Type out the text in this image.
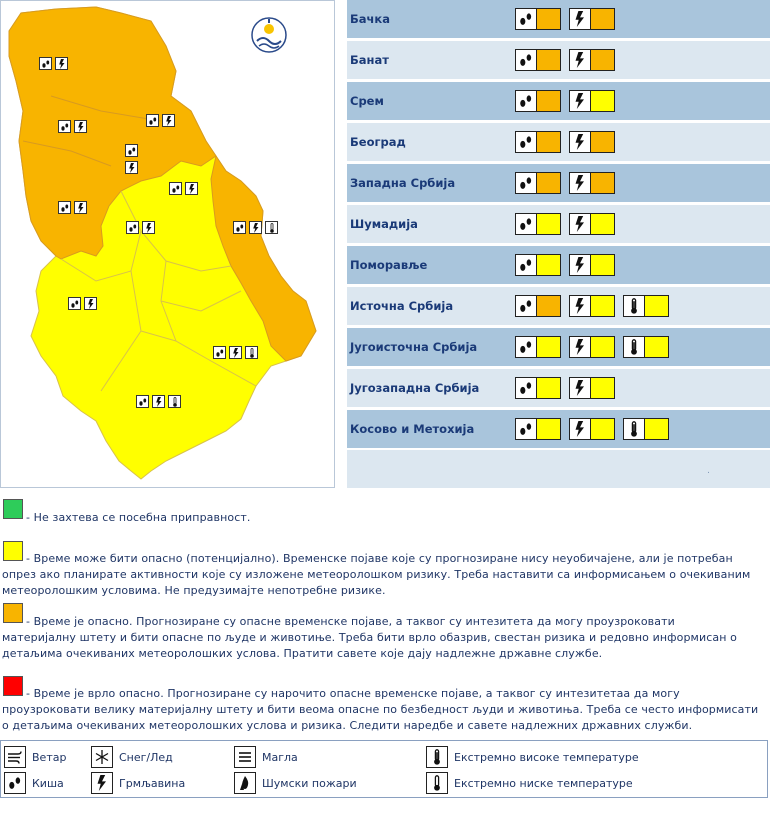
Бачка
Банат
Срем
Београд
Западна Србија
Шумадија
Поморавље
Источна Србија
Југоисточна Србија
Југозападна Србија
Косово и Метохија
.
- Не захтева се посебна приправност.
- Време може бити опасно (потенцијално). Временске појаве које су прогнозиране нису неуобичајене, али је потребан
опрез ако планирате активности које су изложене метеоролошком ризику. Треба наставити са информисањем о очекиваним
метеоролошким условима. Не предузимајте непотребне ризике.
- Време је опасно. Прогнозиране су опасне временске појаве, а таквог су интезитета да могу проузроковати
материјалну штету и бити опасне по људе и животиње. Треба бити врло обазрив, свестан ризика и редовно информисан о
детаљима очекиваних метеоролошких услова. Пратити савете које дају надлежне државне службе.
- Време је врло опасно. Прогнозиране су нарочито опасне временске појаве, а таквог су интезитетаа да могу
проузроковати велику материјалну штету и бити веома опасне по безбедност људи и животиња. Треба се често информисати
о детаљима очекиваних метеоролошких услова и ризика. Следити наредбе и савете надлежних државних служби.
Ветар
Киша
Снег/Лед
Грмљавина
Магла
Шумски пожари
Екстремно високе температуре
Екстремно ниске температуре
